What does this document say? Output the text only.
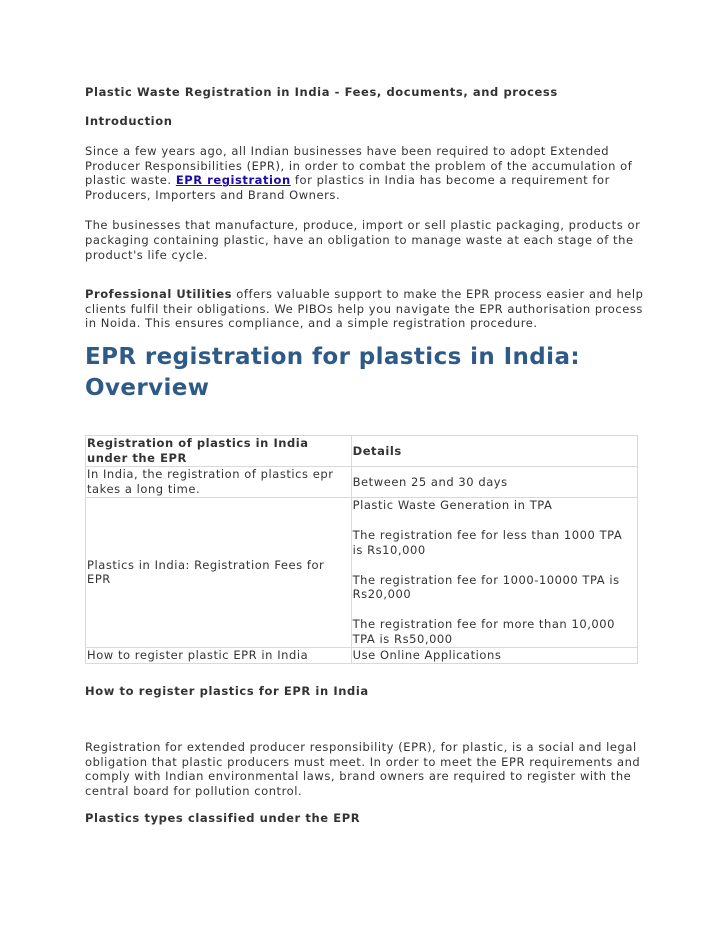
Plastic Waste Registration in India - Fees, documents, and process
Introduction

Since a few years ago, all Indian businesses have been required to adopt Extended Producer Responsibilities (EPR), in order to combat the problem of the accumulation of plastic waste. EPR registration for plastics in India has become a requirement for Producers, Importers and Brand Owners.

The businesses that manufacture, produce, import or sell plastic packaging, products or packaging containing plastic, have an obligation to manage waste at each stage of the product's life cycle.

Professional Utilities offers valuable support to make the EPR process easier and help clients fulfil their obligations. We PIBOs help you navigate the EPR authorisation process in Noida. This ensures compliance, and a simple registration procedure.

EPR registration for plastics in India: Overview
Registration of plastics in India under the EPR	Details
In India, the registration of plastics epr takes a long time.	Between 25 and 30 days
Plastics in India: Registration Fees for EPR	Plastic Waste Generation in TPA

The registration fee for less than 1000 TPA is Rs10,000

The registration fee for 1000-10000 TPA is Rs20,000

The registration fee for more than 10,000 TPA is Rs50,000

How to register plastic EPR in India	Use Online Applications
How to register plastics for EPR in India

Registration for extended producer responsibility (EPR), for plastic, is a social and legal obligation that plastic producers must meet. In order to meet the EPR requirements and comply with Indian environmental laws, brand owners are required to register with the central board for pollution control.

Plastics types classified under the EPR
